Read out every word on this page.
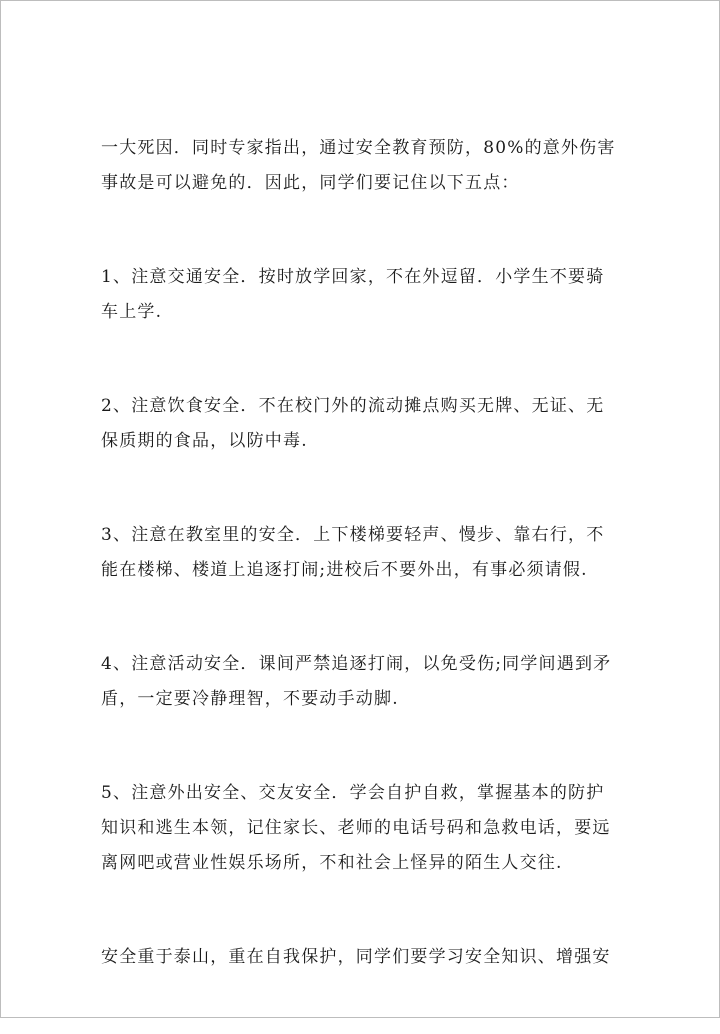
一大死因．同时专家指出，通过安全教育预防，80%的意外伤害
事故是可以避免的．因此，同学们要记住以下五点：

1、注意交通安全．按时放学回家，不在外逗留．小学生不要骑
车上学.

2、注意饮食安全．不在校门外的流动摊点购买无牌、无证、无
保质期的食品，以防中毒.

3、注意在教室里的安全．上下楼梯要轻声、慢步、靠右行，不
能在楼梯、楼道上追逐打闹;进校后不要外出，有事必须请假.

4、注意活动安全．课间严禁追逐打闹，以免受伤;同学间遇到矛
盾，一定要冷静理智，不要动手动脚.

5、注意外出安全、交友安全．学会自护自救，掌握基本的防护
知识和逃生本领，记住家长、老师的电话号码和急救电话，要远
离网吧或营业性娱乐场所，不和社会上怪异的陌生人交往.

安全重于泰山，重在自我保护，同学们要学习安全知识、增强安
